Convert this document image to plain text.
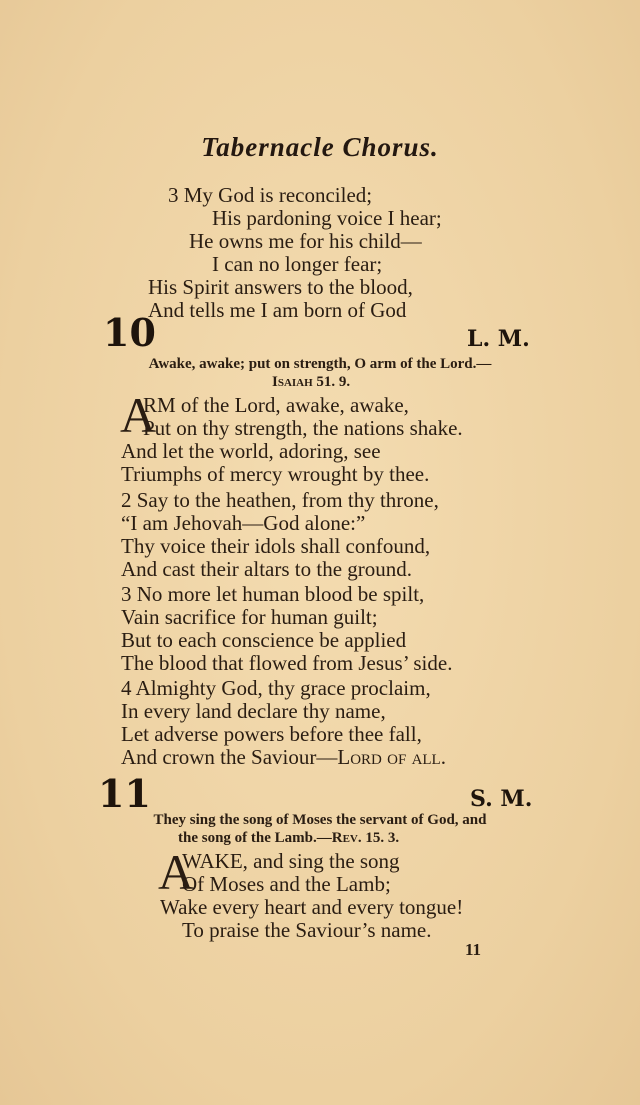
Tabernacle Chorus.
3 My God is reconciled;
His pardoning voice I hear;
He owns me for his child—
I can no longer fear;
His Spirit answers to the blood,
And tells me I am born of God
10	L. M.
Awake, awake; put on strength, O arm of the Lord.—
Isaiah 51. 9.
A
RM of the Lord, awake, awake,
Put on thy strength, the nations shake.
And let the world, adoring, see
Triumphs of mercy wrought by thee.
2 Say to the heathen, from thy throne,
“I am Jehovah—God alone:”
Thy voice their idols shall confound,
And cast their altars to the ground.
3 No more let human blood be spilt,
Vain sacrifice for human guilt;
But to each conscience be applied
The blood that flowed from Jesus’ side.
4 Almighty God, thy grace proclaim,
In every land declare thy name,
Let adverse powers before thee fall,
And crown the Saviour—Lord of all.
11	S. M.
They sing the song of Moses the servant of God, and
the song of the Lamb.—Rev. 15. 3.
A
WAKE, and sing the song
Of Moses and the Lamb;
Wake every heart and every tongue!
To praise the Saviour’s name.
11
